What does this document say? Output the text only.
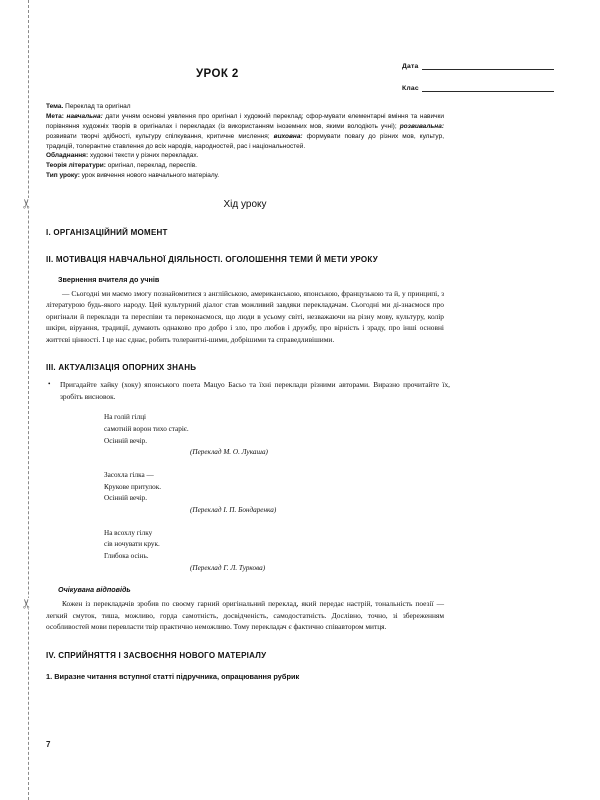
✂
✂
УРОК 2
Дата
Клас

Тема. Переклад та оригінал

Мета: навчальна: дати учням основні уявлення про оригінал і художній переклад; сфор-мувати елементарні вміння та навички порівняння художніх творів в оригіналах і перекладах (із використанням іноземних мов, якими володіють учні); розвивальна: розвивати творчі здібності, культуру спілкування, критичне мислення; виховна: формувати повагу до різних мов, культур, традицій, толерантне ставлення до всіх народів, народностей, рас і національностей.

Обладнання: художні тексти у різних перекладах.

Теорія літератури: оригінал, переклад, переспів.

Тип уроку: урок вивчення нового навчального матеріалу.

Хід уроку

I. ОРГАНІЗАЦІЙНИЙ МОМЕНТ
II. МОТИВАЦІЯ НАВЧАЛЬНОЇ ДІЯЛЬНОСТІ. ОГОЛОШЕННЯ ТЕМИ Й МЕТИ УРОКУ
Звернення вчителя до учнів

— Сьогодні ми маємо змогу познайомитися з англійською, американською, японською, французькою та й, у принципі, з літературою будь-якого народу. Цей культурний діалог став можливий завдяки перекладачам. Сьогодні ми ді-знаємося про оригінали й переклади та переспіви та переконаємося, що люди в усьому світі, незважаючи на різну мову, культуру, колір шкіри, віруання, традиції, думають однаково про добро і зло, про любов і дружбу, про вірність і зраду, про інші основні життєві цінності. І це нас єднає, робить толерантні-шими, добрішими та справедливішими.

III. АКТУАЛІЗАЦІЯ ОПОРНИХ ЗНАНЬ
•	Пригадайте хайку (хоку) японського поета Мацуо Басьо та їхні переклади різними авторами. Виразно прочитайте їх, зробіть висновок.
На голій гілці
самотній ворон тихо старіє.
Осінній вечір.
(Переклад М. О. Лукаша)
Засохла гілка —
Крукове притулок.
Осінній вечір.
(Переклад І. П. Бондаренка)
На всохлу гілку
сів ночувати крук.
Глибока осінь.
(Переклад Г. Л. Туркова)
Очікувана відповідь

Кожен із перекладачів зробив по своєму гарний оригінальний переклад, який передає настрій, тональність поезії — легкий смуток, тиша, можливо, горда самотність, досвідченість, самодостатність. Дослівно, точно, зі збереженням особливостей мови перевласти твір практично неможливо. Тому перекладач є фактично співавтором митця.

IV. СПРИЙНЯТТЯ І ЗАСВОЄННЯ НОВОГО МАТЕРІАЛУ
1. Виразне читання вступної статті підручника, опрацювання рубрик
7
